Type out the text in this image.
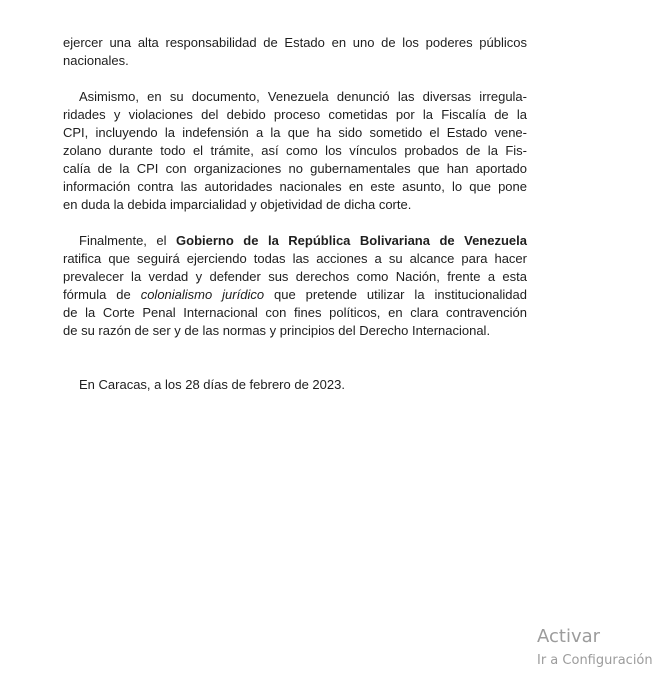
ejercer una alta responsabilidad de Estado en uno de los poderes públicos
nacionales.
Asimismo, en su documento, Venezuela denunció las diversas irregula-
ridades y violaciones del debido proceso cometidas por la Fiscalía de la
CPI, incluyendo la indefensión a la que ha sido sometido el Estado vene-
zolano durante todo el trámite, así como los vínculos probados de la Fis-
calía de la CPI con organizaciones no gubernamentales que han aportado
información contra las autoridades nacionales en este asunto, lo que pone
en duda la debida imparcialidad y objetividad de dicha corte.
Finalmente, el Gobierno de la República Bolivariana de Venezuela
ratifica que seguirá ejerciendo todas las acciones a su alcance para hacer
prevalecer la verdad y defender sus derechos como Nación, frente a esta
fórmula de colonialismo jurídico que pretende utilizar la institucionalidad
de la Corte Penal Internacional con fines políticos, en clara contravención
de su razón de ser y de las normas y principios del Derecho Internacional.
En Caracas, a los 28 días de febrero de 2023.
Activar
Ir a Configuración
